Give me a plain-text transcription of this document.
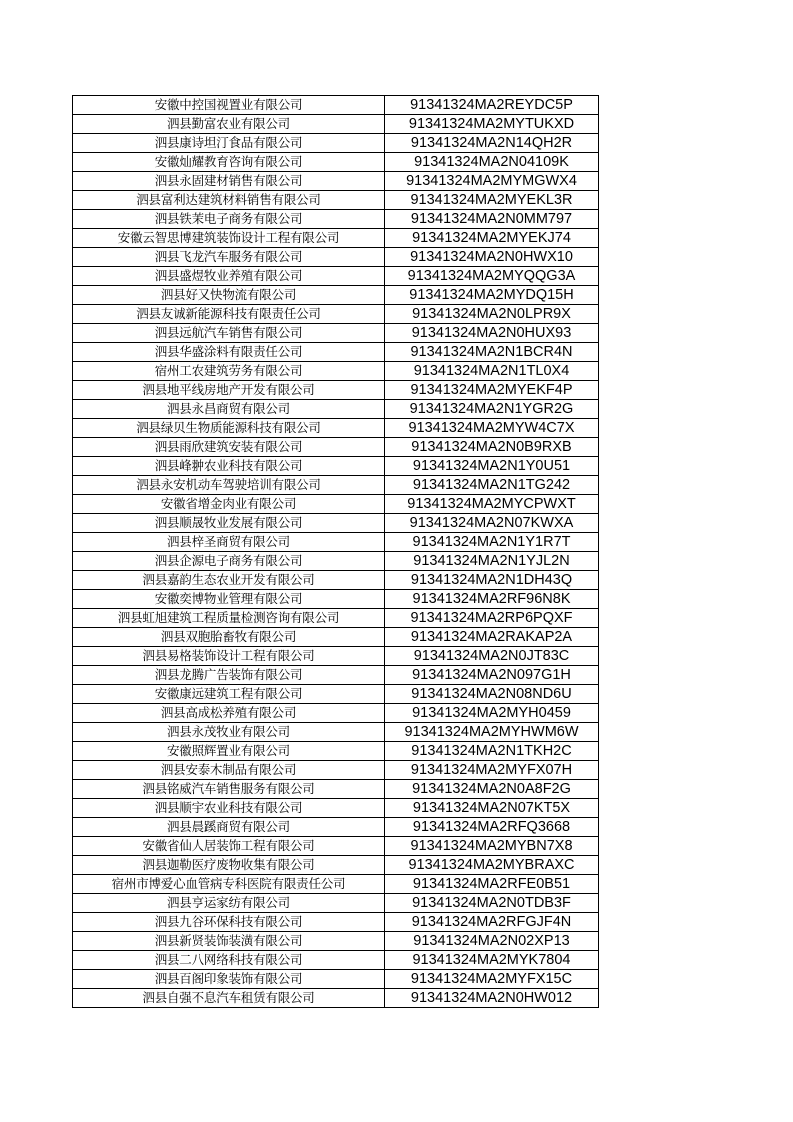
安徽中控国视置业有限公司	91341324MA2REYDC5P
泗县勤富农业有限公司	91341324MA2MYTUKXD
泗县康诗坦汀食品有限公司	91341324MA2N14QH2R
安徽灿耀教育咨询有限公司	91341324MA2N04109K
泗县永固建材销售有限公司	91341324MA2MYMGWX4
泗县富利达建筑材料销售有限公司	91341324MA2MYEKL3R
泗县铁茉电子商务有限公司	91341324MA2N0MM797
安徽云智思博建筑装饰设计工程有限公司	91341324MA2MYEKJ74
泗县飞龙汽车服务有限公司	91341324MA2N0HWX10
泗县盛煜牧业养殖有限公司	91341324MA2MYQQG3A
泗县好又快物流有限公司	91341324MA2MYDQ15H
泗县友诚新能源科技有限责任公司	91341324MA2N0LPR9X
泗县远航汽车销售有限公司	91341324MA2N0HUX93
泗县华盛涂料有限责任公司	91341324MA2N1BCR4N
宿州工农建筑劳务有限公司	91341324MA2N1TL0X4
泗县地平线房地产开发有限公司	91341324MA2MYEKF4P
泗县永昌商贸有限公司	91341324MA2N1YGR2G
泗县绿贝生物质能源科技有限公司	91341324MA2MYW4C7X
泗县雨欣建筑安装有限公司	91341324MA2N0B9RXB
泗县峰翀农业科技有限公司	91341324MA2N1Y0U51
泗县永安机动车驾驶培训有限公司	91341324MA2N1TG242
安徽省增金肉业有限公司	91341324MA2MYCPWXT
泗县顺晟牧业发展有限公司	91341324MA2N07KWXA
泗县梓圣商贸有限公司	91341324MA2N1Y1R7T
泗县企源电子商务有限公司	91341324MA2N1YJL2N
泗县嘉韵生态农业开发有限公司	91341324MA2N1DH43Q
安徽奕博物业管理有限公司	91341324MA2RF96N8K
泗县虹旭建筑工程质量检测咨询有限公司	91341324MA2RP6PQXF
泗县双胞胎畜牧有限公司	91341324MA2RAKAP2A
泗县易格装饰设计工程有限公司	91341324MA2N0JT83C
泗县龙腾广告装饰有限公司	91341324MA2N097G1H
安徽康远建筑工程有限公司	91341324MA2N08ND6U
泗县高成松养殖有限公司	91341324MA2MYH0459
泗县永茂牧业有限公司	91341324MA2MYHWM6W
安徽照辉置业有限公司	91341324MA2N1TKH2C
泗县安泰木制品有限公司	91341324MA2MYFX07H
泗县铭威汽车销售服务有限公司	91341324MA2N0A8F2G
泗县顺宇农业科技有限公司	91341324MA2N07KT5X
泗县晨蹊商贸有限公司	91341324MA2RFQ3668
安徽省仙人居装饰工程有限公司	91341324MA2MYBN7X8
泗县迦勒医疗废物收集有限公司	91341324MA2MYBRAXC
宿州市博爱心血管病专科医院有限责任公司	91341324MA2RFE0B51
泗县亨运家纺有限公司	91341324MA2N0TDB3F
泗县九谷环保科技有限公司	91341324MA2RFGJF4N
泗县新贤装饰装潢有限公司	91341324MA2N02XP13
泗县二八网络科技有限公司	91341324MA2MYK7804
泗县百阁印象装饰有限公司	91341324MA2MYFX15C
泗县自强不息汽车租赁有限公司	91341324MA2N0HW012
